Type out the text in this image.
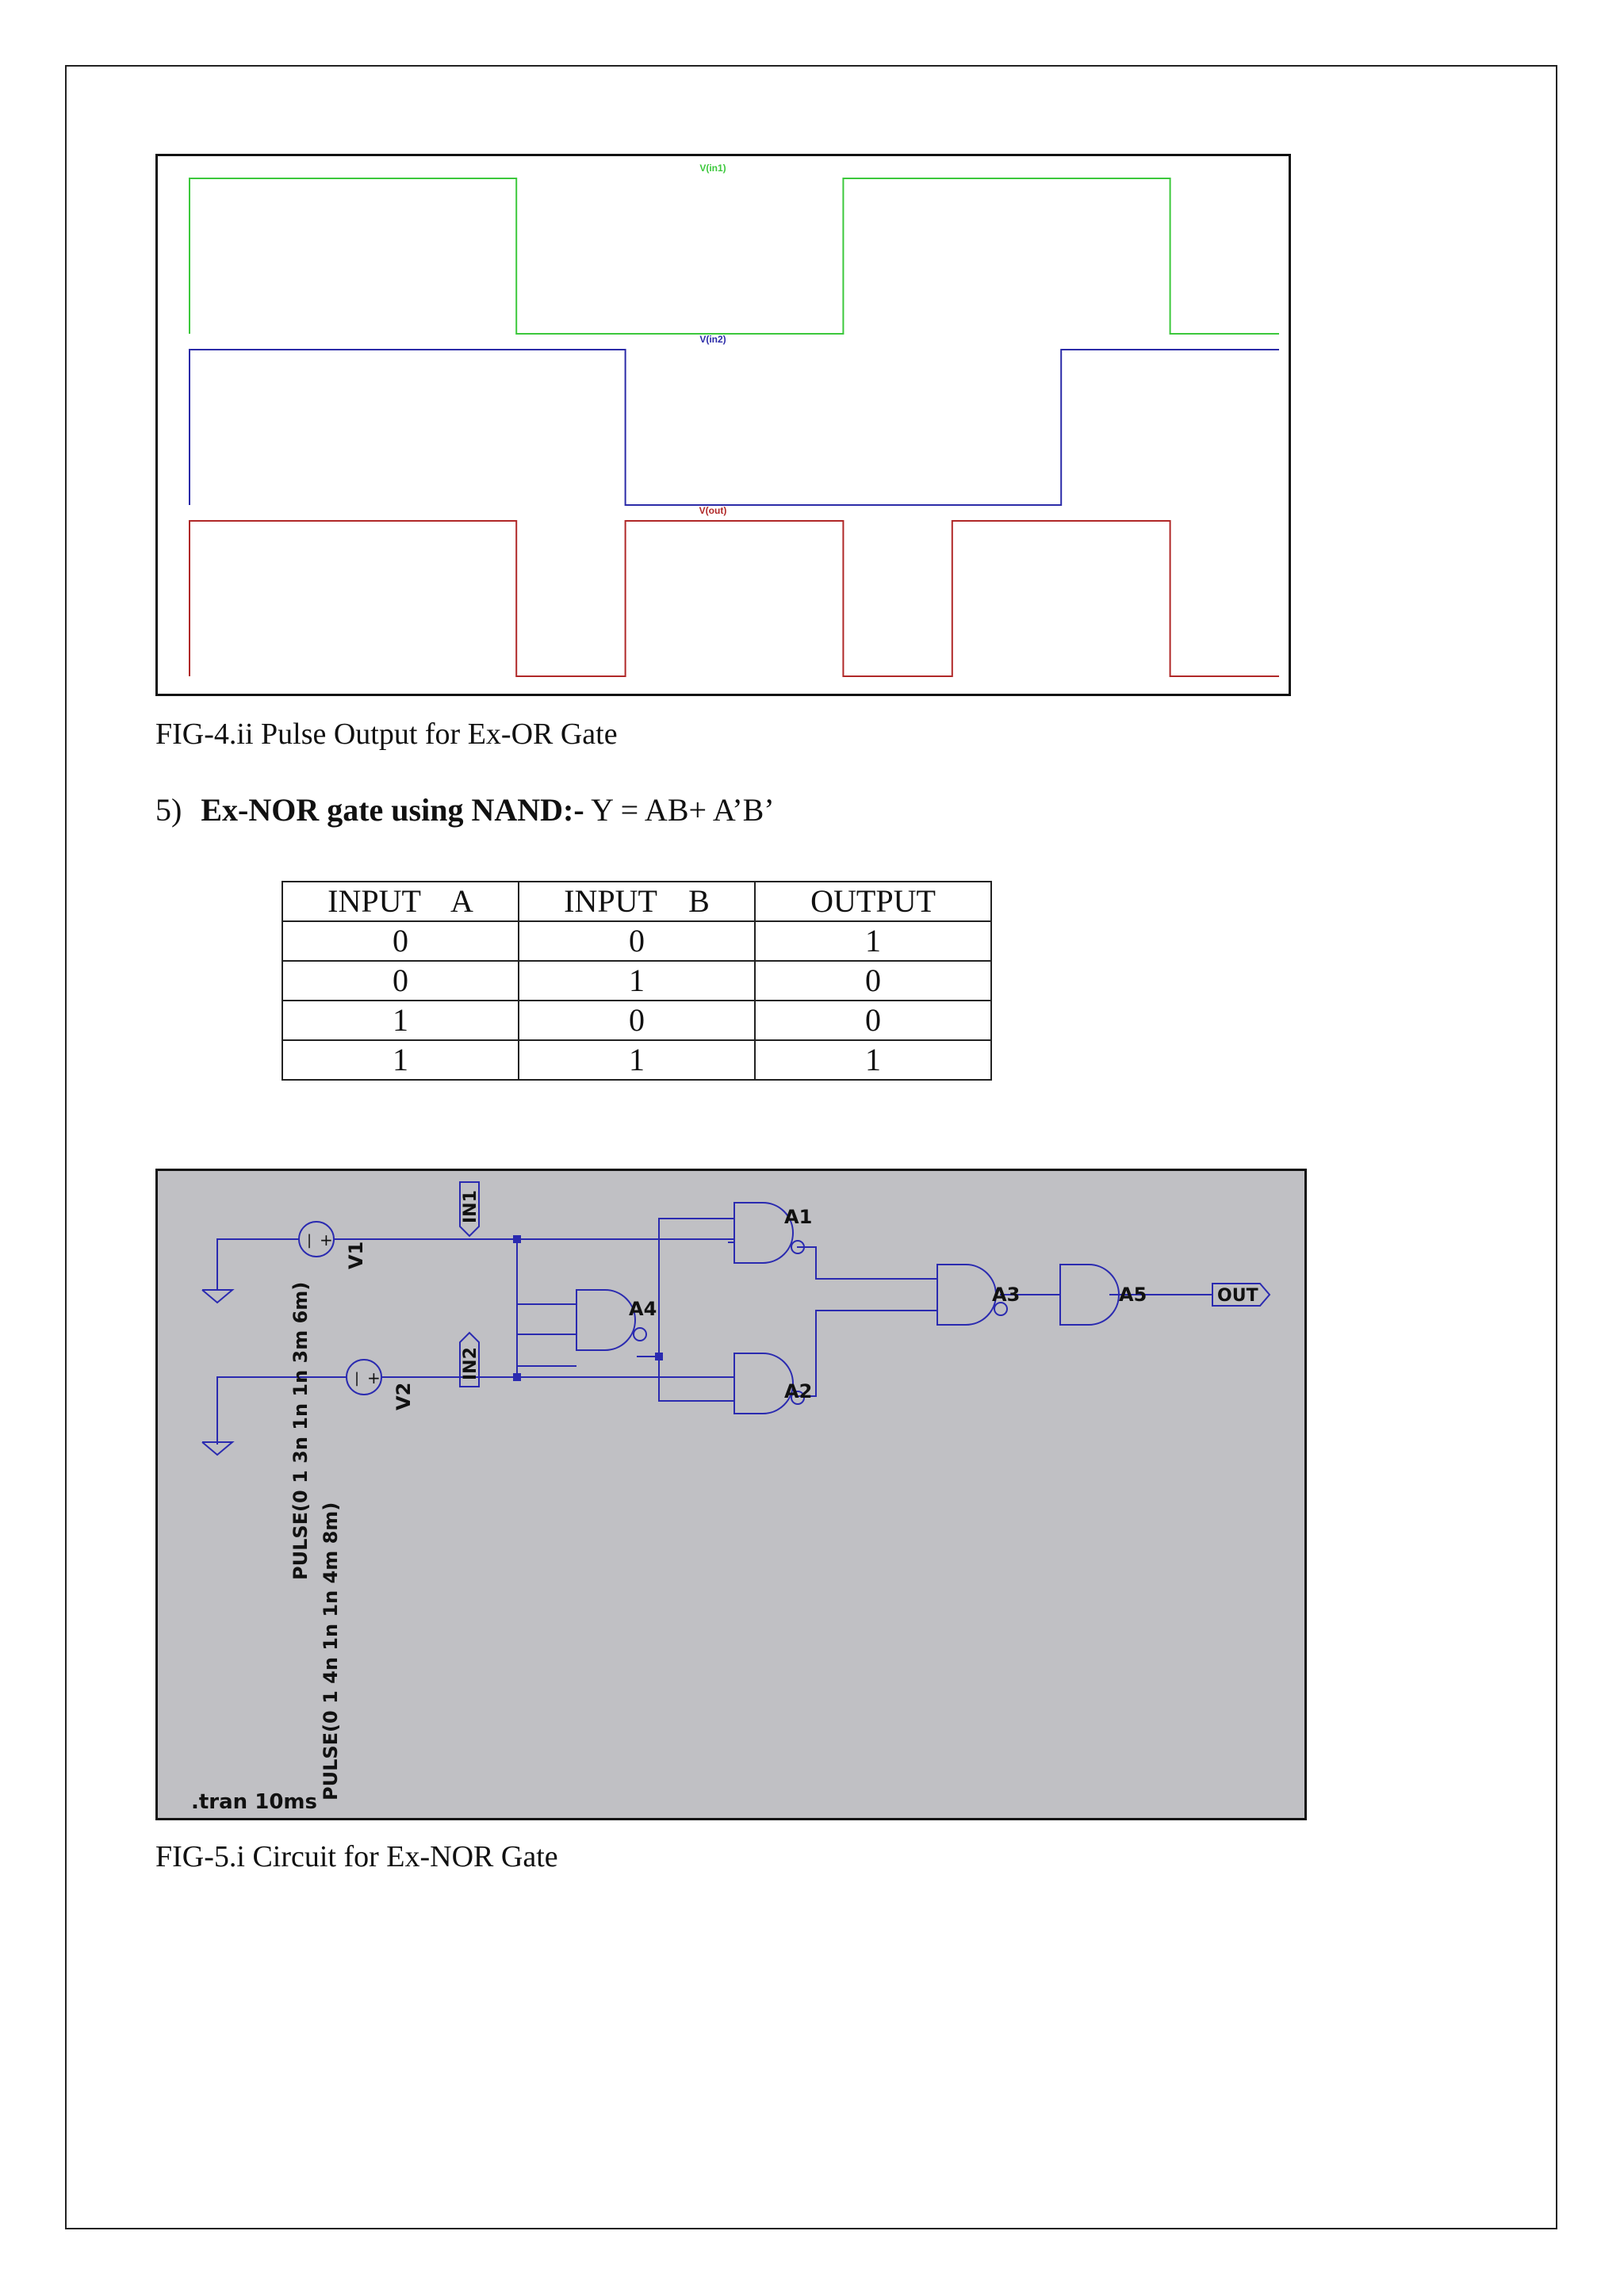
V(in1)
V(in2)
V(out)
FIG-4.ii Pulse Output for Ex-OR Gate
5) Ex-NOR gate using NAND:- Y = AB+ A’B’
INPUT    A	INPUT    B	OUTPUT
0	0	1
0	1	0
1	0	0
1	1	1
| +
| +
V1
V2
PULSE(0 1 3n 1n 1n 3m 6m)
PULSE(0 1 4n 1n 1n 4m 8m)
IN1
IN2
OUT
A1
A2
A3
A4
A5
.tran 10ms
FIG-5.i Circuit for Ex-NOR Gate
